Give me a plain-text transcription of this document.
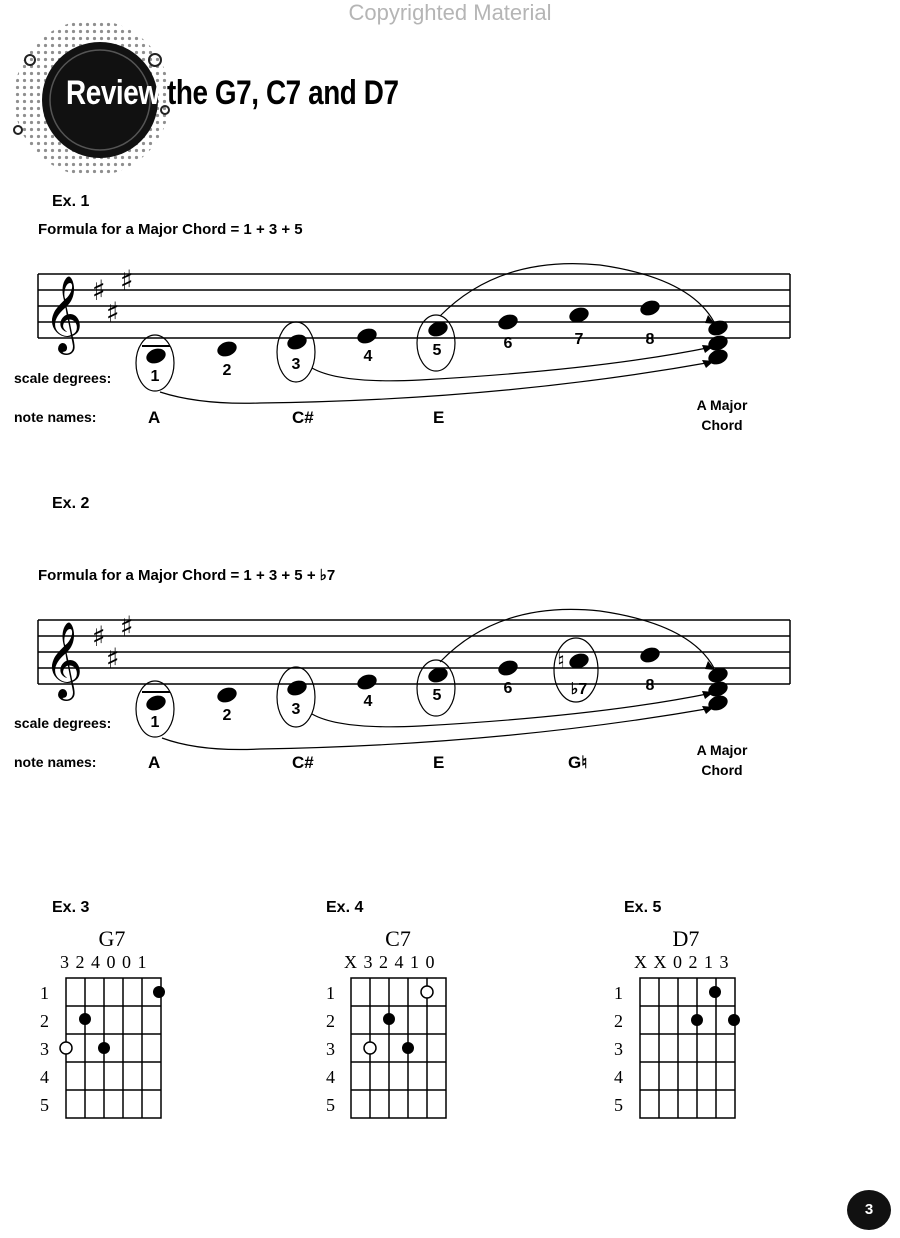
Copyrighted Material
Review the G7, C7 and D7
Ex. 1
Formula for a Major Chord = 1 + 3 + 5
𝄞 ♯
♯
♯
1	2	3	4	5	6	7	8
scale degrees:
note names:	A	C#	E
A Major
Chord
Ex. 2
Formula for a Major Chord = 1 + 3 + 5 + ♭7
𝄞 ♯
♯
♯
♮
1	2	3	4	5	6	♭7	8
scale degrees:
note names:	A	C#	E	G♮
A Major
Chord
Ex. 3	Ex. 4	Ex. 5
G7	C7	D7
3 2 4 0 0 1	X 3 2 4 1 0	X X 0 2 1 3
1
2
3
4
5
1
2
3
4
5
1
2
3
4
5
3
